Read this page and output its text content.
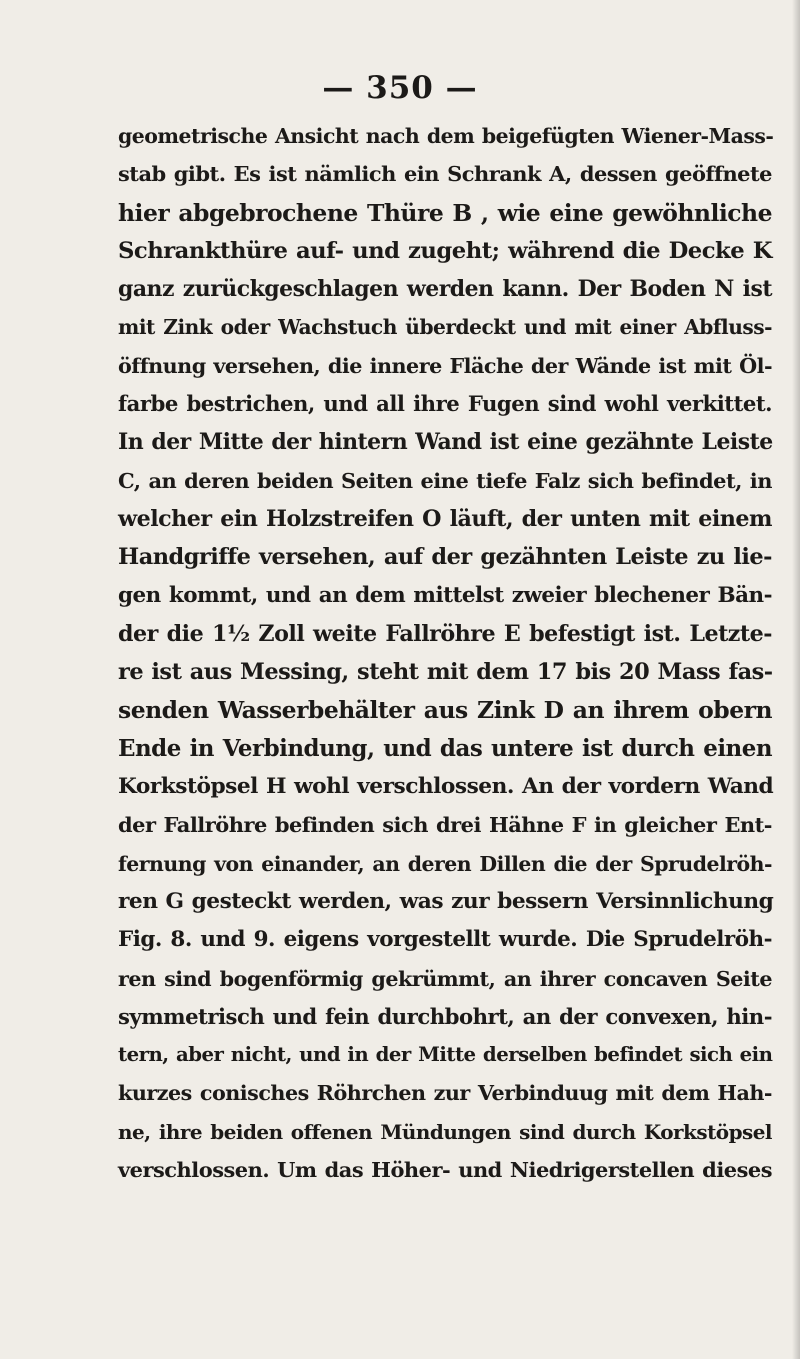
— 350 —
geometrische Ansicht nach dem beigefügten Wiener-Mass-
stab gibt. Es ist nämlich ein Schrank A, dessen geöffnete
hier abgebrochene Thüre B , wie eine gewöhnliche
Schrankthüre auf- und zugeht; während die Decke K
ganz zurückgeschlagen werden kann. Der Boden N ist
mit Zink oder Wachstuch überdeckt und mit einer Abfluss-
öffnung versehen, die innere Fläche der Wände ist mit Öl-
farbe bestrichen, und all ihre Fugen sind wohl verkittet.
In der Mitte der hintern Wand ist eine gezähnte Leiste
C, an deren beiden Seiten eine tiefe Falz sich befindet, in
welcher ein Holzstreifen O läuft, der unten mit einem
Handgriffe versehen, auf der gezähnten Leiste zu lie-
gen kommt, und an dem mittelst zweier blechener Bän-
der die 1½ Zoll weite Fallröhre E befestigt ist. Letzte-
re ist aus Messing, steht mit dem 17 bis 20 Mass fas-
senden Wasserbehälter aus Zink D an ihrem obern
Ende in Verbindung, und das untere ist durch einen
Korkstöpsel H wohl verschlossen. An der vordern Wand
der Fallröhre befinden sich drei Hähne F in gleicher Ent-
fernung von einander, an deren Dillen die der Sprudelröh-
ren G gesteckt werden, was zur bessern Versinnlichung
Fig. 8. und 9. eigens vorgestellt wurde. Die Sprudelröh-
ren sind bogenförmig gekrümmt, an ihrer concaven Seite
symmetrisch und fein durchbohrt, an der convexen, hin-
tern, aber nicht, und in der Mitte derselben befindet sich ein
kurzes conisches Röhrchen zur Verbinduug mit dem Hah-
ne, ihre beiden offenen Mündungen sind durch Korkstöpsel
verschlossen. Um das Höher- und Niedrigerstellen dieses
